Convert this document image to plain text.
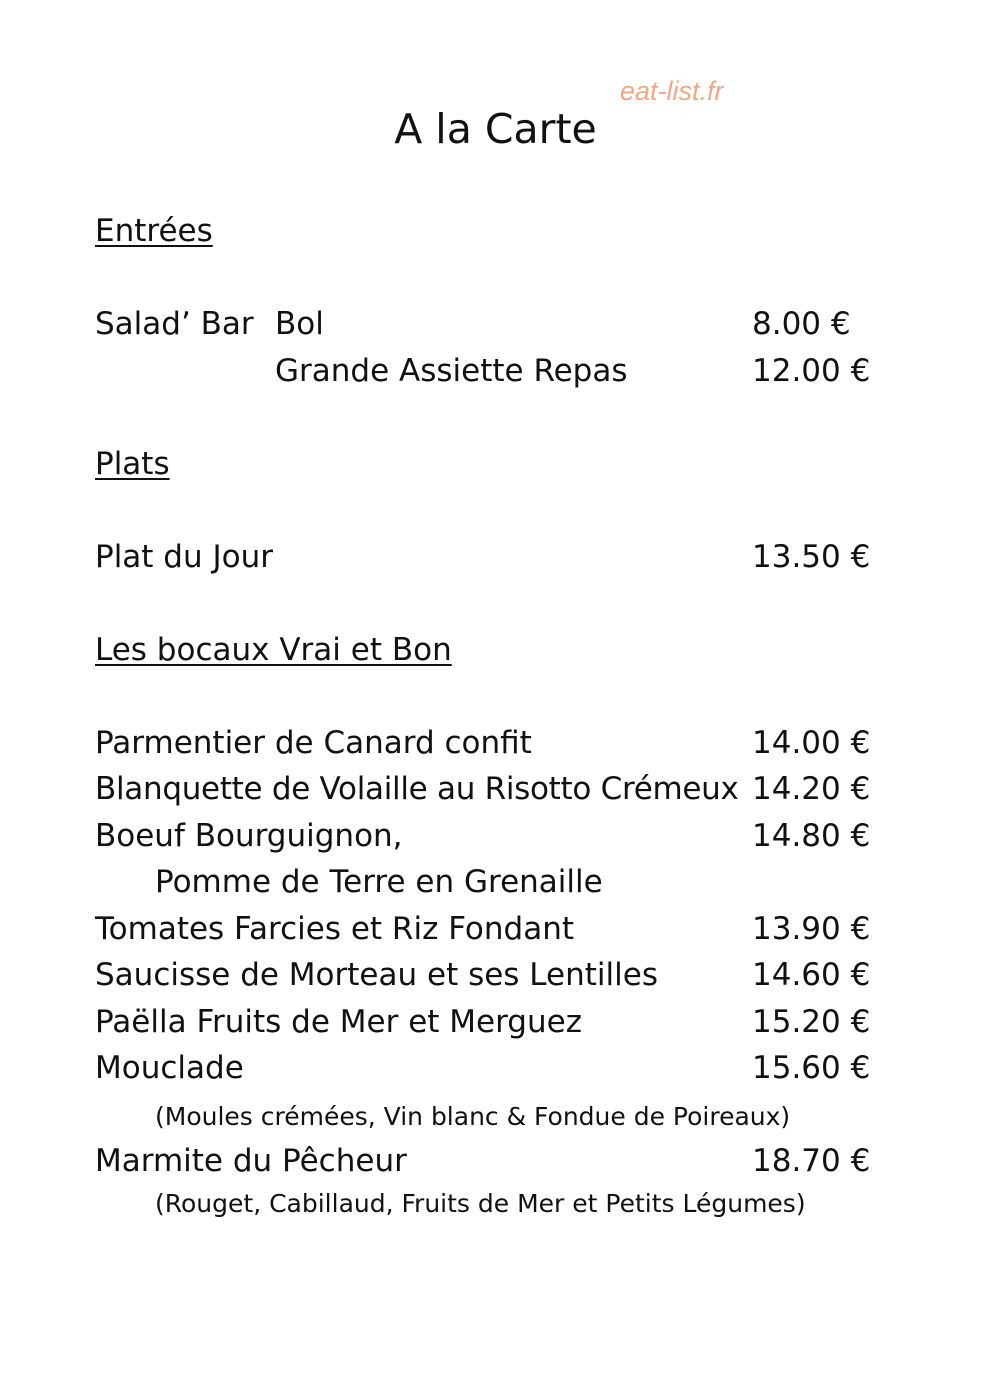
eat-list.fr
A la Carte
Entrées
Salad’ Bar Bol	8.00 €
Grande Assiette Repas	12.00 €
Plats
Plat du Jour	13.50 €
Les bocaux Vrai et Bon
Parmentier de Canard confit	14.00 €
Blanquette de Volaille au Risotto Crémeux 14.20 €
Boeuf Bourguignon,	14.80 €
Pomme de Terre en Grenaille
Tomates Farcies et Riz Fondant	13.90 €
Saucisse de Morteau et ses Lentilles	14.60 €
Paëlla Fruits de Mer et Merguez	15.20 €
Mouclade	15.60 €
(Moules crémées, Vin blanc & Fondue de Poireaux)
Marmite du Pêcheur	18.70 €
(Rouget, Cabillaud, Fruits de Mer et Petits Légumes)
